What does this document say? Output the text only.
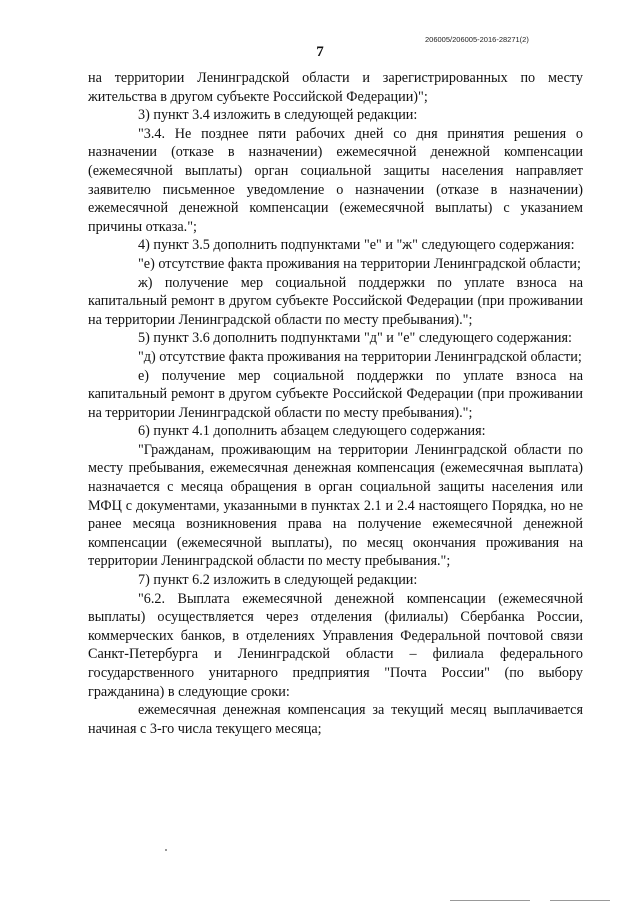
206005/206005-2016-28271(2)
7

на территории Ленинградской области и зарегистрированных по месту жительства в другом субъекте Российской Федерации)";

3) пункт 3.4 изложить в следующей редакции:

"3.4. Не позднее пяти рабочих дней со дня принятия решения о назначении (отказе в назначении) ежемесячной денежной компенсации (ежемесячной выплаты) орган социальной защиты населения направляет заявителю письменное уведомление о назначении (отказе в назначении) ежемесячной денежной компенсации (ежемесячной выплаты) с указанием причины отказа.";

4) пункт 3.5 дополнить подпунктами "е" и "ж" следующего содержания:

"е) отсутствие факта проживания на территории Ленинградской области;

ж) получение мер социальной поддержки по уплате взноса на капитальный ремонт в другом субъекте Российской Федерации (при проживании на территории Ленинградской области по месту пребывания).";

5) пункт 3.6 дополнить подпунктами "д" и "е" следующего содержания:

"д) отсутствие факта проживания на территории Ленинградской области;

е) получение мер социальной поддержки по уплате взноса на капитальный ремонт в другом субъекте Российской Федерации (при проживании на территории Ленинградской области по месту пребывания).";

6) пункт 4.1 дополнить абзацем следующего содержания:

"Гражданам, проживающим на территории Ленинградской области по месту пребывания, ежемесячная денежная компенсация (ежемесячная выплата) назначается с месяца обращения в орган социальной защиты населения или МФЦ с документами, указанными в пунктах 2.1 и 2.4 настоящего Порядка, но не ранее месяца возникновения права на получение ежемесячной денежной компенсации (ежемесячной выплаты), по месяц окончания проживания на территории Ленинградской области по месту пребывания.";

7) пункт 6.2 изложить в следующей редакции:

"6.2. Выплата ежемесячной денежной компенсации (ежемесячной выплаты) осуществляется через отделения (филиалы) Сбербанка России, коммерческих банков, в отделениях Управления Федеральной почтовой связи Санкт-Петербурга и Ленинградской области – филиала федерального государственного унитарного предприятия "Почта России" (по выбору гражданина) в следующие сроки:

ежемесячная денежная компенсация за текущий месяц выплачивается начиная с 3-го числа текущего месяца;
